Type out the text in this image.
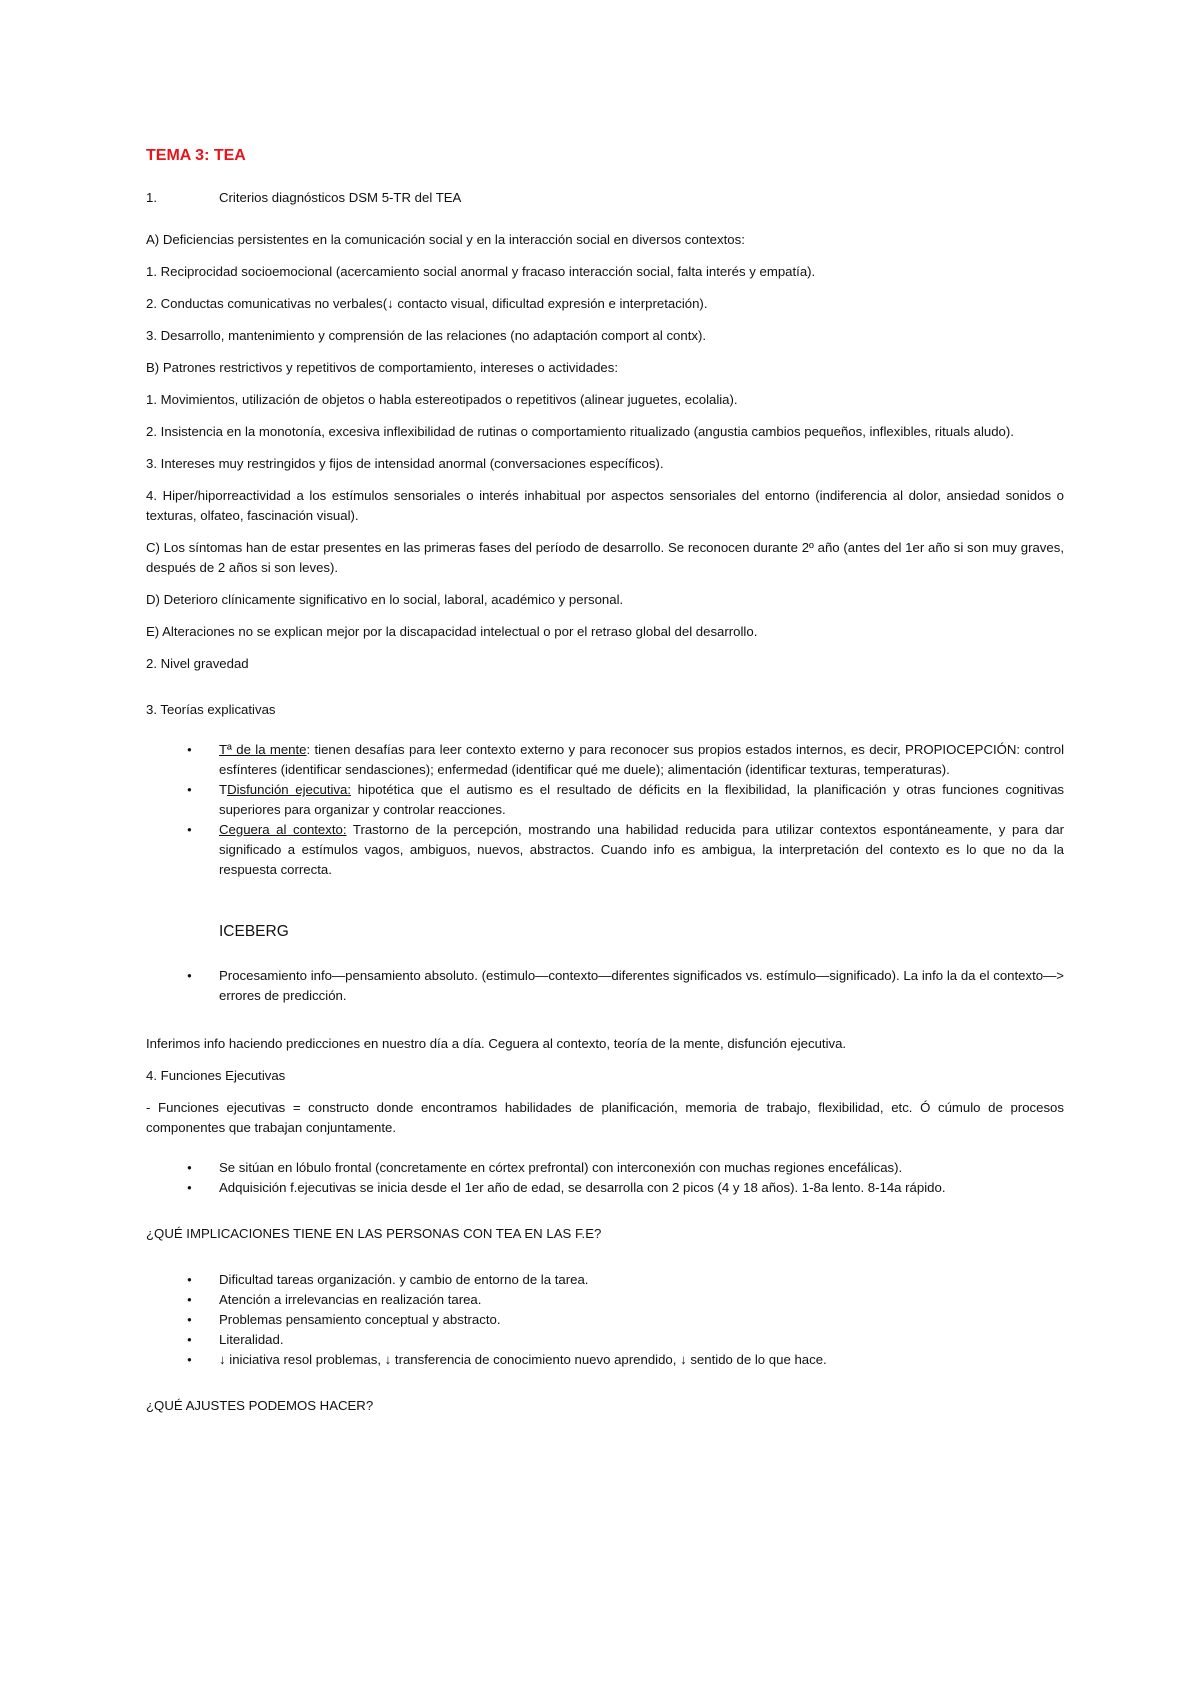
TEMA 3: TEA
1.	Criterios diagnósticos DSM 5-TR del TEA

A) Deficiencias persistentes en la comunicación social y en la interacción social en diversos contextos:

1. Reciprocidad socioemocional (acercamiento social anormal y fracaso interacción social, falta interés y empatía).

2. Conductas comunicativas no verbales(↓ contacto visual, dificultad expresión e interpretación).

3. Desarrollo, mantenimiento y comprensión de las relaciones (no adaptación comport al contx).

B) Patrones restrictivos y repetitivos de comportamiento, intereses o actividades:

1. Movimientos, utilización de objetos o habla estereotipados o repetitivos (alinear juguetes, ecolalia).

2. Insistencia en la monotonía, excesiva inflexibilidad de rutinas o comportamiento ritualizado (angustia cambios pequeños, inflexibles, rituals aludo).

3. Intereses muy restringidos y fijos de intensidad anormal (conversaciones específicos).

4. Hiper/hiporreactividad a los estímulos sensoriales o interés inhabitual por aspectos sensoriales del entorno (indiferencia al dolor, ansiedad sonidos o texturas, olfateo, fascinación visual).

C) Los síntomas han de estar presentes en las primeras fases del período de desarrollo. Se reconocen durante 2º año (antes del 1er año si son muy graves, después de 2 años si son leves).

D) Deterioro clínicamente significativo en lo social, laboral, académico y personal.

E) Alteraciones no se explican mejor por la discapacidad intelectual o por el retraso global del desarrollo.

2. Nivel gravedad

3. Teorías explicativas

● Tª de la mente: tienen desafías para leer contexto externo y para reconocer sus propios estados internos, es decir, PROPIOCEPCIÓN: control esfínteres (identificar sendasciones); enfermedad (identificar qué me duele); alimentación (identificar texturas, temperaturas).
● TDisfunción ejecutiva: hipotética que el autismo es el resultado de déficits en la flexibilidad, la planificación y otras funciones cognitivas superiores para organizar y controlar reacciones.
● Ceguera al contexto: Trastorno de la percepción, mostrando una habilidad reducida para utilizar contextos espontáneamente, y para dar significado a estímulos vagos, ambiguos, nuevos, abstractos. Cuando info es ambigua, la interpretación del contexto es lo que no da la respuesta correcta.
ICEBERG
● Procesamiento info—pensamiento absoluto. (estimulo—contexto—diferentes significados vs. estímulo—significado). La info la da el contexto—> errores de predicción.

Inferimos info haciendo predicciones en nuestro día a día. Ceguera al contexto, teoría de la mente, disfunción ejecutiva.

4. Funciones Ejecutivas

- Funciones ejecutivas = constructo donde encontramos habilidades de planificación, memoria de trabajo, flexibilidad, etc. Ó cúmulo de procesos componentes que trabajan conjuntamente.

● Se sitúan en lóbulo frontal (concretamente en córtex prefrontal) con interconexión con muchas regiones encefálicas).
● Adquisición f.ejecutivas se inicia desde el 1er año de edad, se desarrolla con 2 picos (4 y 18 años). 1-8a lento. 8-14a rápido.
¿QUÉ IMPLICACIONES TIENE EN LAS PERSONAS CON TEA EN LAS F.E?
● Dificultad tareas organización. y cambio de entorno de la tarea.
● Atención a irrelevancias en realización tarea.
● Problemas pensamiento conceptual y abstracto.
● Literalidad.
● ↓ iniciativa resol problemas, ↓ transferencia de conocimiento nuevo aprendido, ↓ sentido de lo que hace.
¿QUÉ AJUSTES PODEMOS HACER?
